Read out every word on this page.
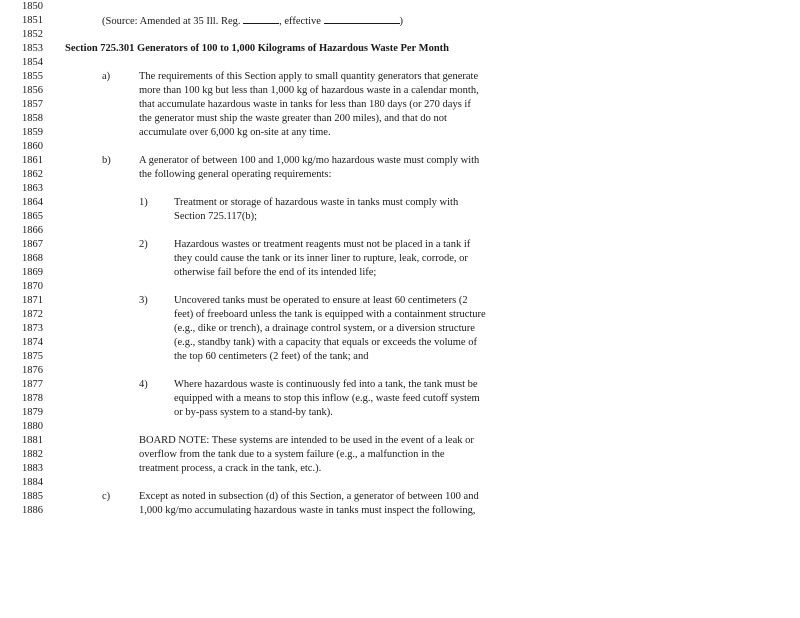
1850
1851	(Source: Amended at 35 Ill. Reg.	, effective	)
1852
1853	Section 725.301 Generators of 100 to 1,000 Kilograms of Hazardous Waste Per Month
1854
1855	a)	The requirements of this Section apply to small quantity generators that generate
1856	more than 100 kg but less than 1,000 kg of hazardous waste in a calendar month,
1857	that accumulate hazardous waste in tanks for less than 180 days (or 270 days if
1858	the generator must ship the waste greater than 200 miles), and that do not
1859	accumulate over 6,000 kg on-site at any time.
1860
1861	b)	A generator of between 100 and 1,000 kg/mo hazardous waste must comply with
1862	the following general operating requirements:
1863
1864	1)	Treatment or storage of hazardous waste in tanks must comply with
1865	Section 725.117(b);
1866
1867	2)	Hazardous wastes or treatment reagents must not be placed in a tank if
1868	they could cause the tank or its inner liner to rupture, leak, corrode, or
1869	otherwise fail before the end of its intended life;
1870
1871	3)	Uncovered tanks must be operated to ensure at least 60 centimeters (2
1872	feet) of freeboard unless the tank is equipped with a containment structure
1873	(e.g., dike or trench), a drainage control system, or a diversion structure
1874	(e.g., standby tank) with a capacity that equals or exceeds the volume of
1875	the top 60 centimeters (2 feet) of the tank; and
1876
1877	4)	Where hazardous waste is continuously fed into a tank, the tank must be
1878	equipped with a means to stop this inflow (e.g., waste feed cutoff system
1879	or by-pass system to a stand-by tank).
1880
1881	BOARD NOTE: These systems are intended to be used in the event of a leak or
1882	overflow from the tank due to a system failure (e.g., a malfunction in the
1883	treatment process, a crack in the tank, etc.).
1884
1885	c)	Except as noted in subsection (d) of this Section, a generator of between 100 and
1886	1,000 kg/mo accumulating hazardous waste in tanks must inspect the following,
